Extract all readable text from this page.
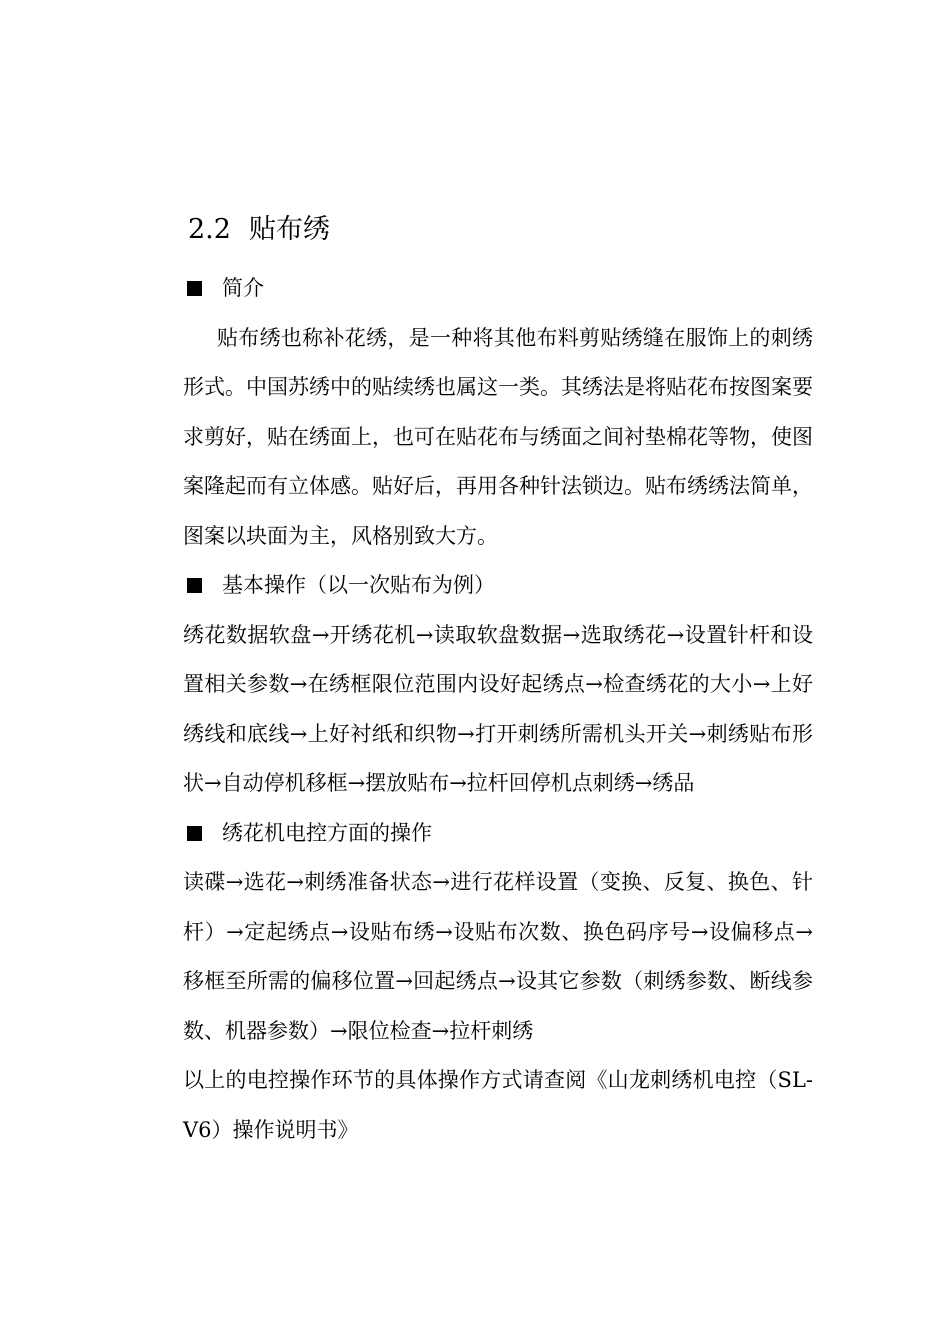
2.2 贴布绣
简介

贴布绣也称补花绣，是一种将其他布料剪贴绣缝在服饰上的刺绣形式。中国苏绣中的贴续绣也属这一类。其绣法是将贴花布按图案要求剪好，贴在绣面上，也可在贴花布与绣面之间衬垫棉花等物，使图案隆起而有立体感。贴好后，再用各种针法锁边。贴布绣绣法简单，图案以块面为主，风格别致大方。

基本操作（以一次贴布为例）

绣花数据软盘→开绣花机→读取软盘数据→选取绣花→设置针杆和设置相关参数→在绣框限位范围内设好起绣点→检查绣花的大小→上好绣线和底线→上好衬纸和织物→打开刺绣所需机头开关→刺绣贴布形状→自动停机移框→摆放贴布→拉杆回停机点刺绣→绣品

绣花机电控方面的操作

读碟→选花→刺绣准备状态→进行花样设置（变换、反复、换色、针杆）→定起绣点→设贴布绣→设贴布次数、换色码序号→设偏移点→移框至所需的偏移位置→回起绣点→设其它参数（刺绣参数、断线参数、机器参数）→限位检查→拉杆刺绣

以上的电控操作环节的具体操作方式请查阅《山龙刺绣机电控（SL-V6）操作说明书》
